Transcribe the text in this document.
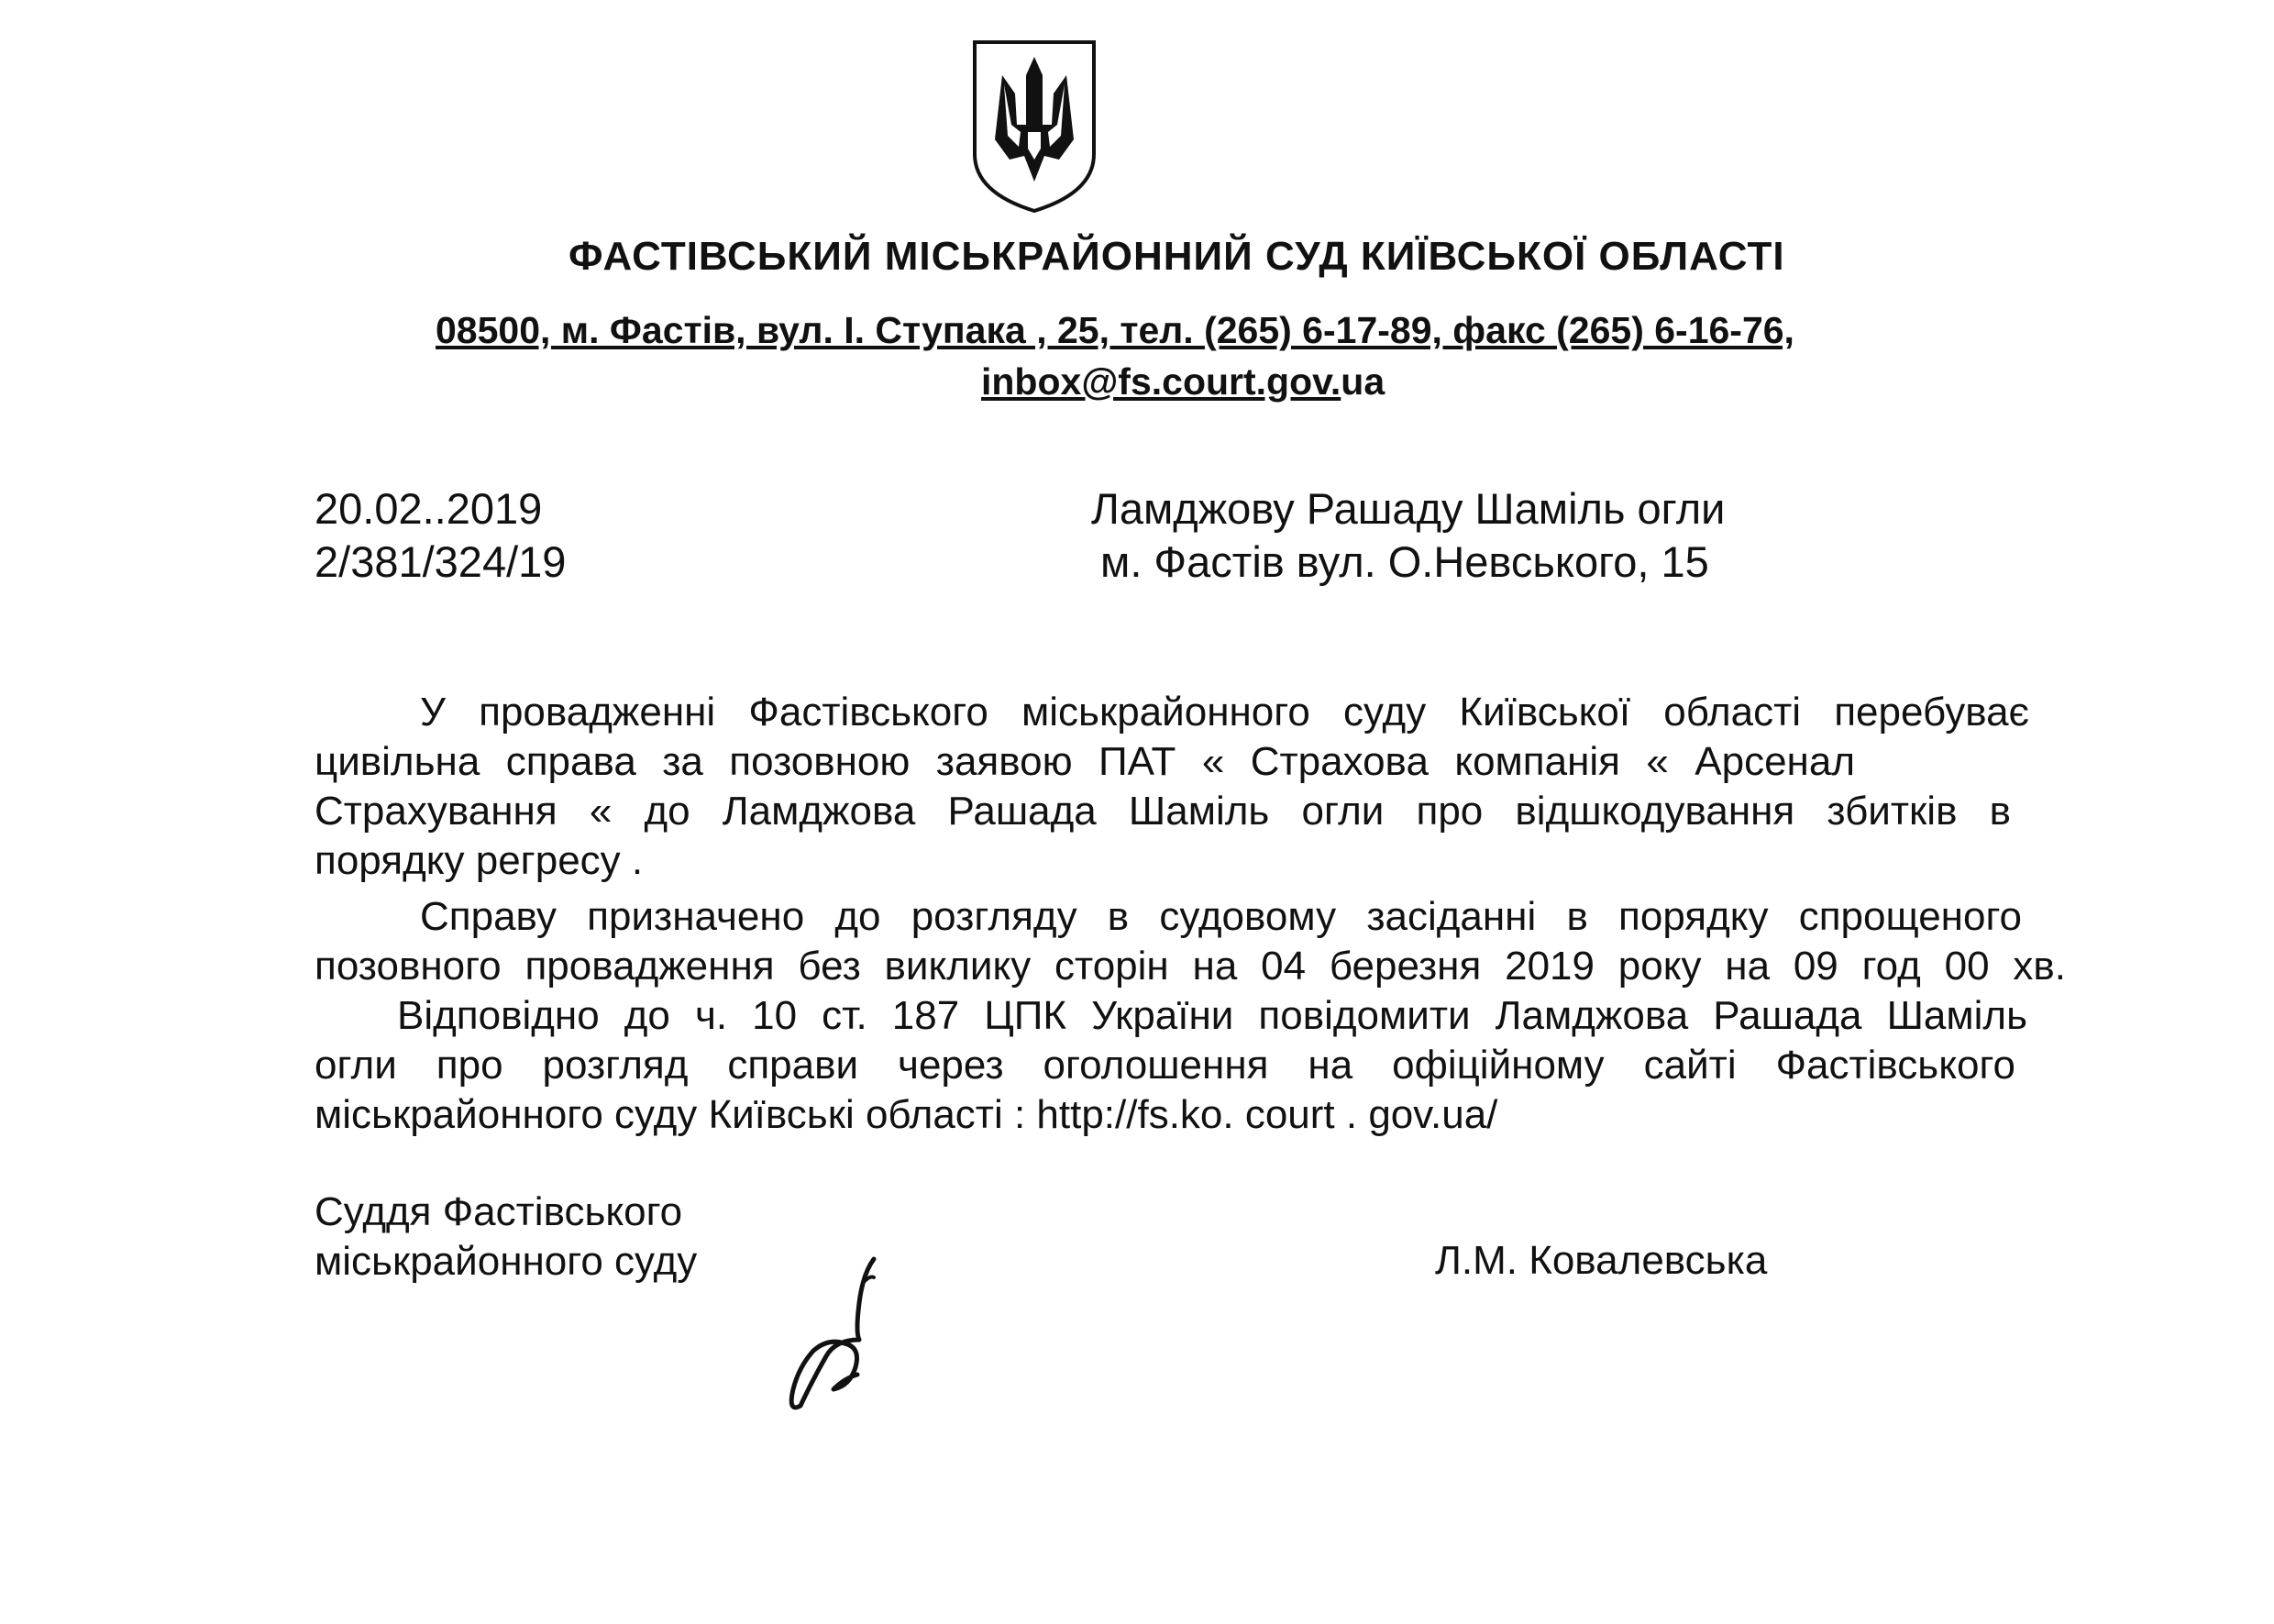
ФАСТІВСЬКИЙ МІСЬКРАЙОННИЙ СУД КИЇВСЬКОЇ ОБЛАСТІ
08500, м. Фастів, вул. І. Ступака , 25, тел. (265) 6-17-89, факс (265) 6-16-76,
inbox@fs.court.gov.ua
20.02..2019
2/381/324/19
Ламджову Рашаду Шаміль огли
м. Фастів вул. О.Невського, 15
У провадженні Фастівського міськрайонного суду Київської області перебуває
цивільна справа за позовною заявою ПАТ « Страхова компанія « Арсенал
Страхування « до Ламджова Рашада Шаміль огли про відшкодування збитків в
порядку регресу .
Справу призначено до розгляду в судовому засіданні в порядку спрощеного
позовного провадження без виклику сторін на 04 березня 2019 року на 09 год 00 хв.
Відповідно до ч. 10 ст. 187 ЦПК України повідомити Ламджова Рашада Шаміль
огли про розгляд справи через оголошення на офіційному сайті Фастівського
міськрайонного суду Київські області : http://fs.ko. court . gov.ua/
Суддя Фастівського
міськрайонного суду	Л.М. Ковалевська
